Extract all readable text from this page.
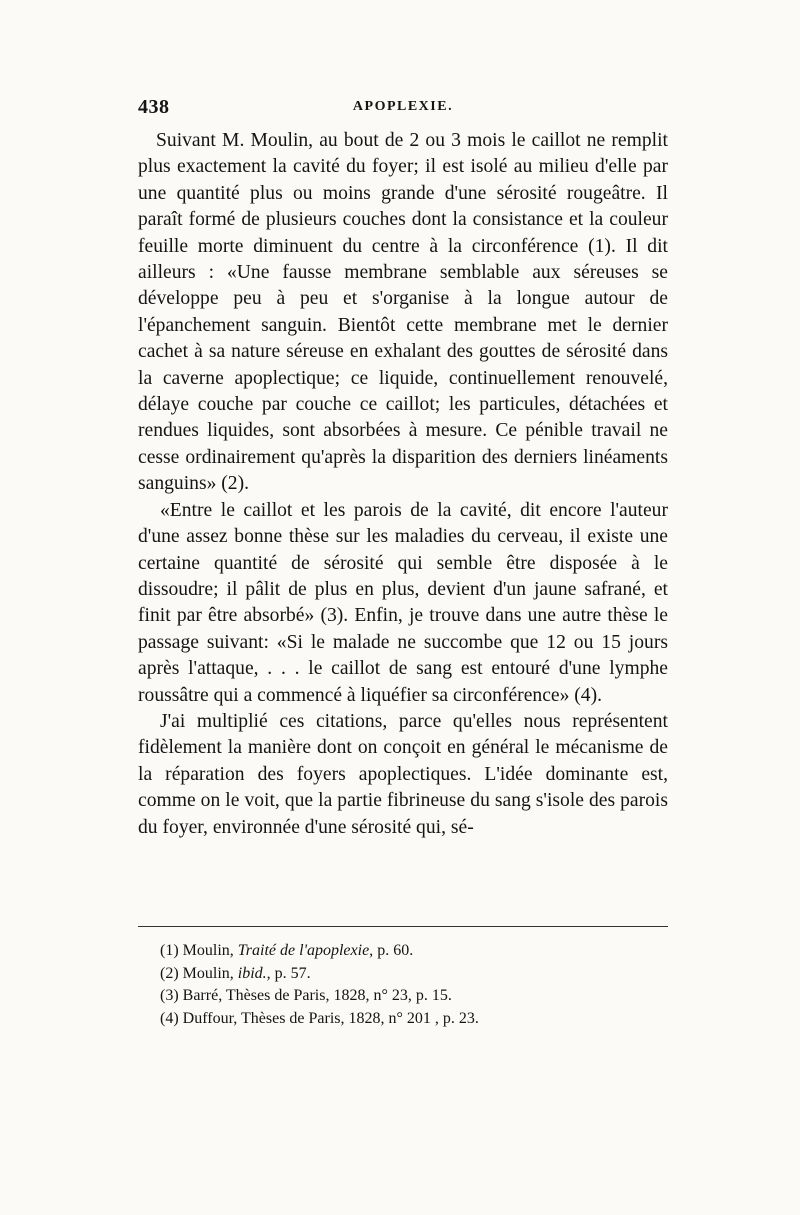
438	APOPLEXIE.

Suivant M. Moulin, au bout de 2 ou 3 mois le caillot ne remplit plus exactement la cavité du foyer; il est isolé au milieu d'elle par une quantité plus ou moins grande d'une sérosité rougeâtre. Il paraît formé de plusieurs couches dont la consistance et la couleur feuille morte diminuent du centre à la circonférence (1). Il dit ailleurs : «Une fausse membrane semblable aux séreuses se développe peu à peu et s'organise à la longue autour de l'épanchement sanguin. Bientôt cette membrane met le dernier cachet à sa nature séreuse en exhalant des gouttes de sérosité dans la caverne apoplectique; ce liquide, continuellement renouvelé, délaye couche par couche ce caillot; les particules, détachées et rendues liquides, sont absorbées à mesure. Ce pénible travail ne cesse ordinairement qu'après la disparition des derniers linéaments sanguins» (2).

«Entre le caillot et les parois de la cavité, dit encore l'auteur d'une assez bonne thèse sur les maladies du cerveau, il existe une certaine quantité de sérosité qui semble être disposée à le dissoudre; il pâlit de plus en plus, devient d'un jaune safrané, et finit par être absorbé» (3). Enfin, je trouve dans une autre thèse le passage suivant: «Si le malade ne succombe que 12 ou 15 jours après l'attaque, . . . le caillot de sang est entouré d'une lymphe roussâtre qui a commencé à liquéfier sa circonférence» (4).

J'ai multiplié ces citations, parce qu'elles nous représentent fidèlement la manière dont on conçoit en général le mécanisme de la réparation des foyers apoplectiques. L'idée dominante est, comme on le voit, que la partie fibrineuse du sang s'isole des parois du foyer, environnée d'une sérosité qui, sé-

(1) Moulin, Traité de l'apoplexie, p. 60.
(2) Moulin, ibid., p. 57.
(3) Barré, Thèses de Paris, 1828, n° 23, p. 15.
(4) Duffour, Thèses de Paris, 1828, n° 201 , p. 23.
